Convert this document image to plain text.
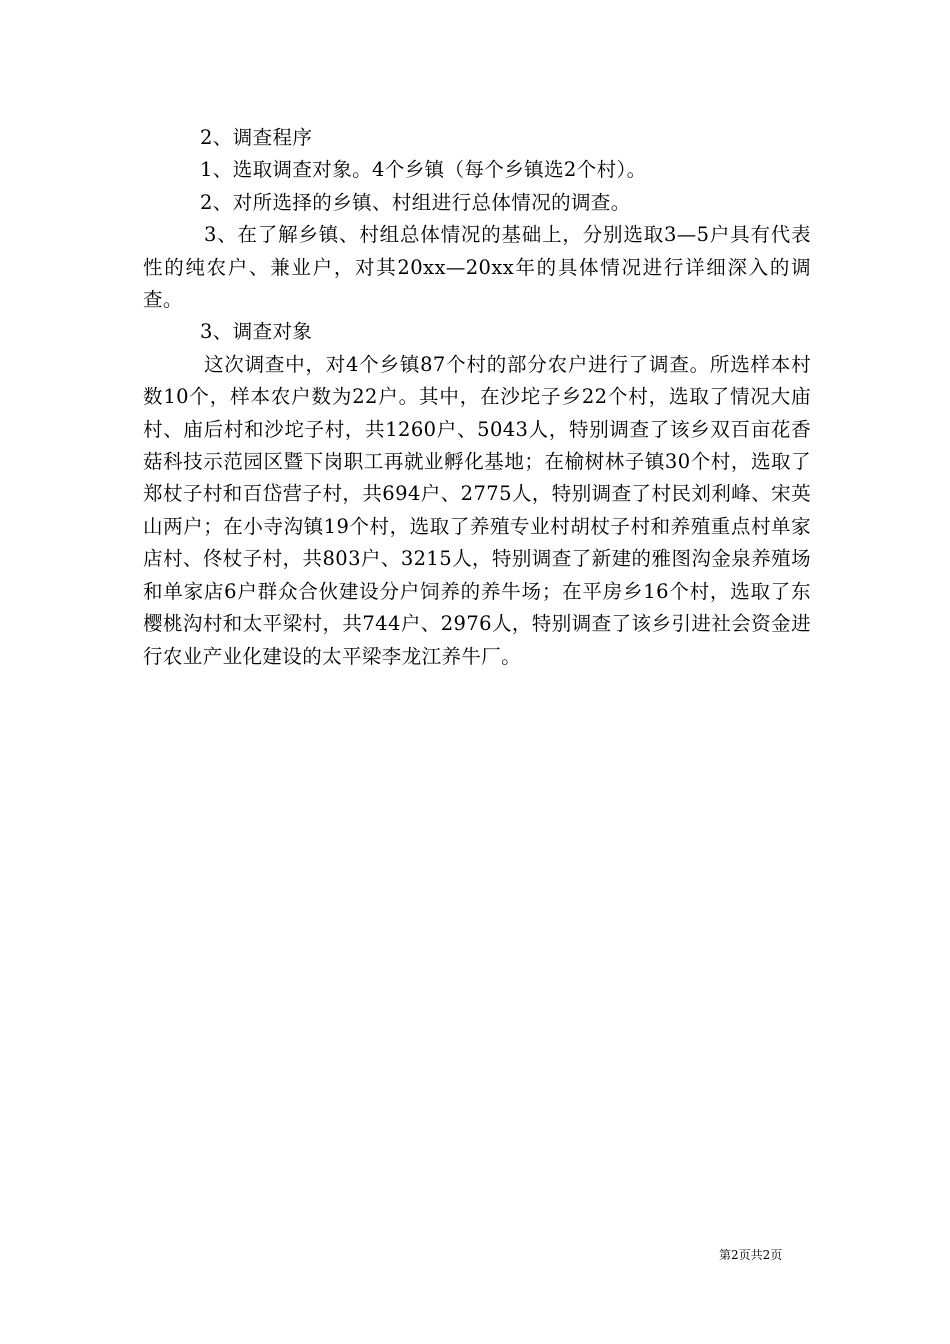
2、调查程序

1、选取调查对象。4个乡镇（每个乡镇选2个村）。

2、对所选择的乡镇、村组进行总体情况的调查。

3、在了解乡镇、村组总体情况的基础上，分别选取3—5户具有代表性的纯农户、兼业户，对其20xx—20xx年的具体情况进行详细深入的调查。

3、调查对象

这次调查中，对4个乡镇87个村的部分农户进行了调查。所选样本村数10个，样本农户数为22户。其中，在沙坨子乡22个村，选取了情况大庙村、庙后村和沙坨子村，共1260户、5043人，特别调查了该乡双百亩花香菇科技示范园区暨下岗职工再就业孵化基地；在榆树林子镇30个村，选取了郑杖子村和百岱营子村，共694户、2775人，特别调查了村民刘利峰、宋英山两户；在小寺沟镇19个村，选取了养殖专业村胡杖子村和养殖重点村单家店村、佟杖子村，共803户、3215人，特别调查了新建的雅图沟金泉养殖场和单家店6户群众合伙建设分户饲养的养牛场；在平房乡16个村，选取了东樱桃沟村和太平梁村，共744户、2976人，特别调查了该乡引进社会资金进行农业产业化建设的太平梁李龙江养牛厂。

第2页共2页
